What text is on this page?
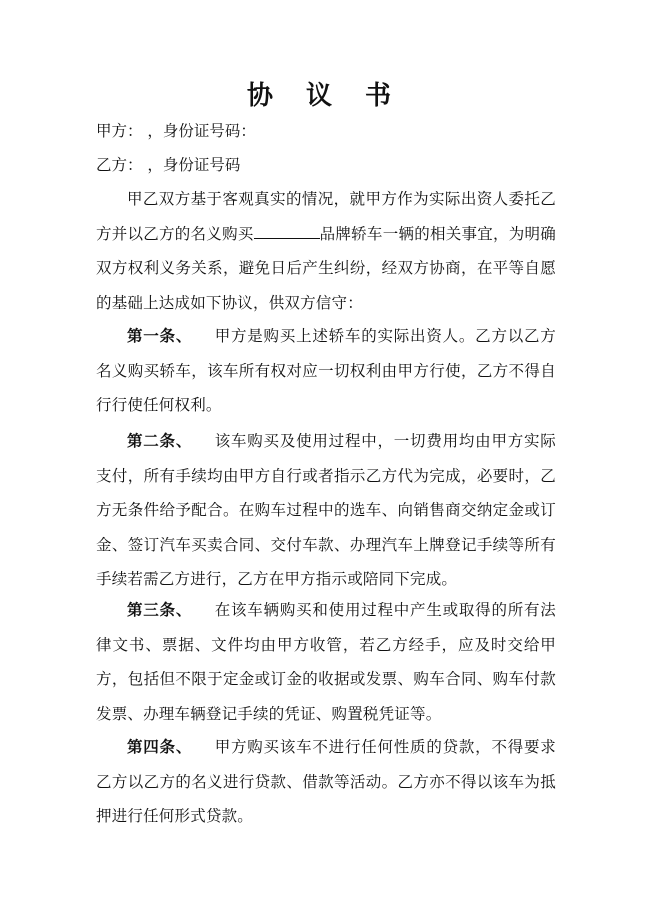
协 议 书
甲方： ，身份证号码：
乙方： ，身份证号码
甲乙双方基于客观真实的情况，就甲方作为实际出资人委托乙方并以乙方的名义购买	品牌轿车一辆的相关事宜，为明确双方权利义务关系，避免日后产生纠纷，经双方协商，在平等自愿的基础上达成如下协议，供双方信守：
第一条、 甲方是购买上述轿车的实际出资人。乙方以乙方名义购买轿车，该车所有权对应一切权利由甲方行使，乙方不得自行行使任何权利。
第二条、 该车购买及使用过程中，一切费用均由甲方实际支付，所有手续均由甲方自行或者指示乙方代为完成，必要时，乙方无条件给予配合。在购车过程中的选车、向销售商交纳定金或订金、签订汽车买卖合同、交付车款、办理汽车上牌登记手续等所有手续若需乙方进行，乙方在甲方指示或陪同下完成。
第三条、 在该车辆购买和使用过程中产生或取得的所有法律文书、票据、文件均由甲方收管，若乙方经手，应及时交给甲方，包括但不限于定金或订金的收据或发票、购车合同、购车付款发票、办理车辆登记手续的凭证、购置税凭证等。
第四条、 甲方购买该车不进行任何性质的贷款，不得要求乙方以乙方的名义进行贷款、借款等活动。乙方亦不得以该车为抵押进行任何形式贷款。
